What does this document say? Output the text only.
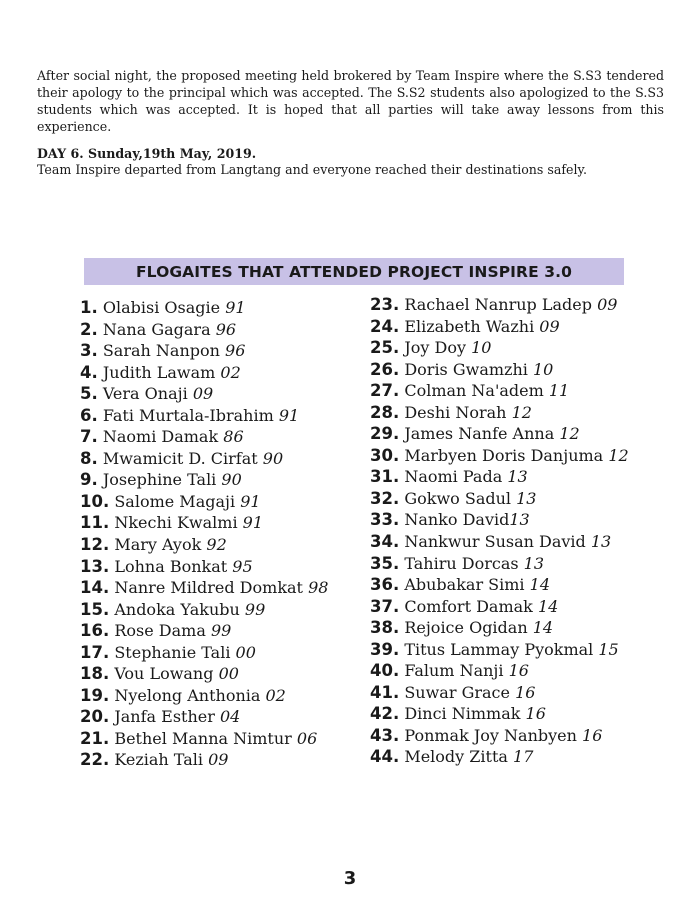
After social night, the proposed meeting held brokered by Team Inspire where the S.S3 tendered their apology to the principal which was accepted. The S.S2 students also apologized to the S.S3 students which was accepted. It is hoped that all parties will take away lessons from this experience.

DAY 6. Sunday,19th May, 2019.

Team Inspire departed from Langtang and everyone reached their destinations safely.

FLOGAITES THAT ATTENDED PROJECT INSPIRE 3.0
1. Olabisi Osagie 91
2. Nana Gagara 96
3. Sarah Nanpon 96
4. Judith Lawam 02
5. Vera Onaji 09
6. Fati Murtala-Ibrahim 91
7. Naomi Damak 86
8. Mwamicit D. Cirfat 90
9. Josephine Tali 90
10. Salome Magaji 91
11. Nkechi Kwalmi 91
12. Mary Ayok 92
13. Lohna Bonkat 95
14. Nanre Mildred Domkat 98
15. Andoka Yakubu 99
16. Rose Dama 99
17. Stephanie Tali 00
18. Vou Lowang 00
19. Nyelong Anthonia 02
20. Janfa Esther 04
21. Bethel Manna Nimtur 06
22. Keziah Tali 09
23. Rachael Nanrup Ladep 09
24. Elizabeth Wazhi 09
25. Joy Doy 10
26. Doris Gwamzhi 10
27. Colman Na'adem 11
28. Deshi Norah 12
29. James Nanfe Anna 12
30. Marbyen Doris Danjuma 12
31. Naomi Pada 13
32. Gokwo Sadul 13
33. Nanko David13
34. Nankwur Susan David 13
35. Tahiru Dorcas 13
36. Abubakar Simi 14
37. Comfort Damak 14
38. Rejoice Ogidan 14
39. Titus Lammay Pyokmal 15
40. Falum Nanji 16
41. Suwar Grace 16
42. Dinci Nimmak 16
43. Ponmak Joy Nanbyen 16
44. Melody Zitta 17
3
